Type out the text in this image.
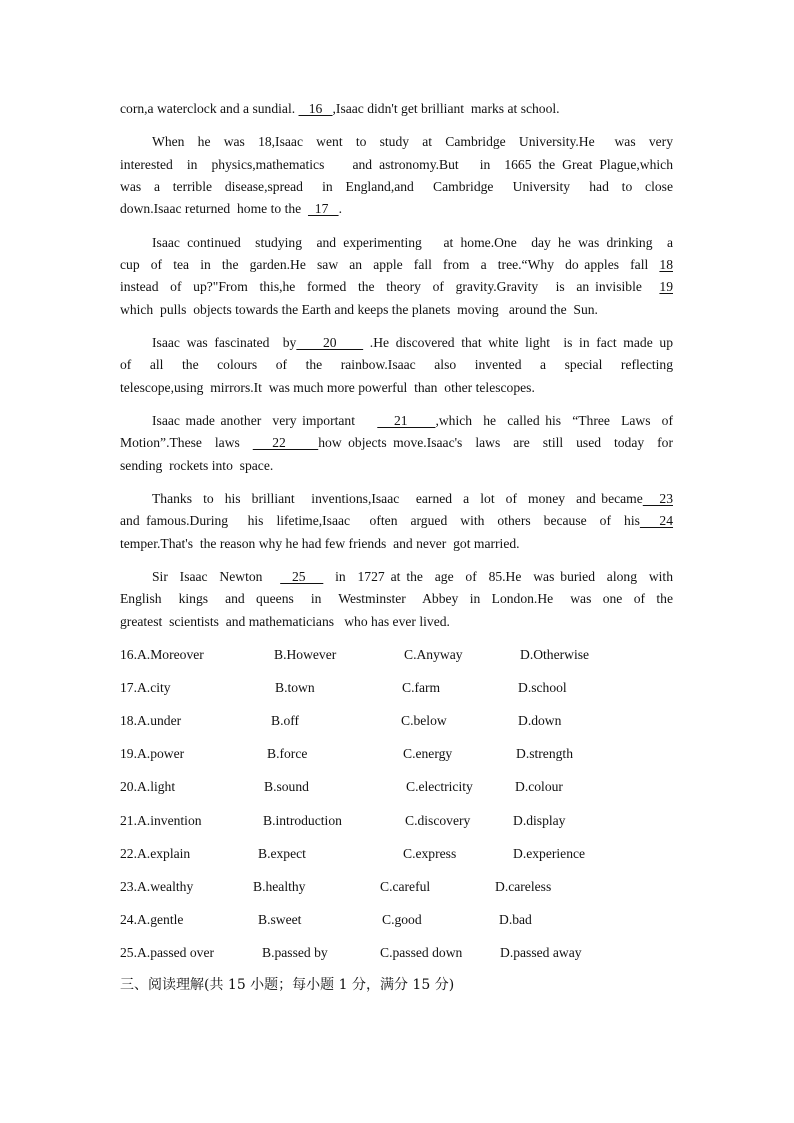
corn,a waterclock and a sundial.    16   ,Isaac didn't get brilliant  marks at school.
When  he  was  18,Isaac  went  to  study  at  Cambridge  University.He   was  very
interested  in  physics,mathematics    and astronomy.But   in  1665 the Great Plague,which
was  a  terrible  disease,spread   in  England,and   Cambridge   University   had  to  close
down.Isaac returned  home to the    17   .
Isaac continued  studying  and experimenting   at home.One  day he was drinking  a
cup  of  tea  in  the  garden.He  saw  an  apple  fall  from  a  tree.“Why  do apples  fall  18
instead  of  up?"From  this,he  formed  the  theory  of  gravity.Gravity   is  an invisible   19
which  pulls  objects towards the Earth and keeps the planets  moving   around the  Sun.
Isaac was fascinated  by    20     .He discovered that white light  is in fact made up
of   all   the   colours   of   the   rainbow.Isaac   also   invented   a   special   reflecting
telescope,using  mirrors.It  was much more powerful  than  other telescopes.
Isaac made another  very important       21     ,which  he  called his  “Three  Laws  of
Motion”.These  laws     22     how objects move.Isaac's  laws  are  still  used  today  for
sending  rockets into  space.
Thanks  to  his  brilliant   inventions,Isaac   earned  a  lot  of  money  and became   23
and famous.During   his  lifetime,Isaac   often  argued  with  others  because  of  his   24
temper.That's  the reason why he had few friends  and never  got married.
Sir  Isaac  Newton     25     in  1727 at the  age  of  85.He  was buried  along  with
English   kings   and  queens   in   Westminster   Abbey  in  London.He   was  one  of  the
greatest  scientists  and mathematicians   who has ever lived.
16.A.Moreover	B.However	C.Anyway	D.Otherwise
17.A.city	B.town	C.farm	D.school
18.A.under	B.off	C.below	D.down
19.A.power	B.force	C.energy	D.strength
20.A.light	B.sound	C.electricity	D.colour
21.A.invention	B.introduction	C.discovery	D.display
22.A.explain	B.expect	C.express	D.experience
23.A.wealthy	B.healthy	C.careful	D.careless
24.A.gentle	B.sweet	C.good	D.bad
25.A.passed over	B.passed by	C.passed down	D.passed away
三、阅读理解(共 15 小题；每小题 1 分，满分 15 分)
